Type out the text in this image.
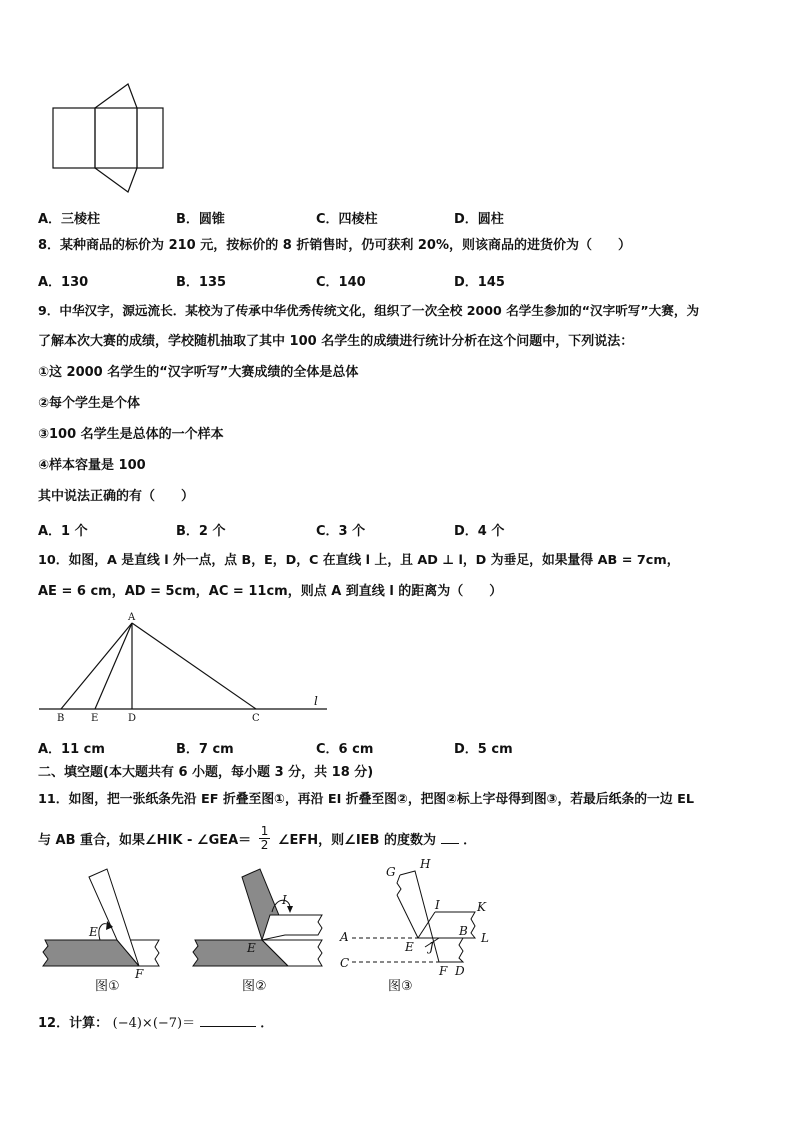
A．三棱柱	B．圆锥	C．四棱柱	D．圆柱
8．某种商品的标价为 210 元，按标价的 8 折销售时，仍可获利 20%，则该商品的进货价为（　　）
A．130	B．135	C．140	D．145
9．中华汉字，源远流长．某校为了传承中华优秀传统文化，组织了一次全校 2000 名学生参加的“汉字听写”大赛，为
了解本次大赛的成绩，学校随机抽取了其中 100 名学生的成绩进行统计分析在这个问题中，下列说法：
①这 2000 名学生的“汉字听写”大赛成绩的全体是总体
②每个学生是个体
③100 名学生是总体的一个样本
④样本容量是 100
其中说法正确的有（　　）
A．1 个	B．2 个	C．3 个	D．4 个
10．如图，A 是直线 l 外一点，点 B，E，D，C 在直线 l 上，且 AD ⊥ l，D 为垂足，如果量得 AB = 7cm，
AE = 6 cm，AD = 5cm，AC = 11cm，则点 A 到直线 l 的距离为（　　）
A
B	E	D	C
l
A．11 cm	B．7 cm	C．6 cm	D．5 cm
二、填空题(本大题共有 6 小题，每小题 3 分，共 18 分)
11．如图，把一张纸条先沿 EF 折叠至图①，再沿 EI 折叠至图②，把图②标上字母得到图③，若最后纸条的一边 EL
与 AB 重合，如果∠HIK - ∠GEA＝ $\frac{1}{2}$ ∠EFH，则∠IEB 的度数为 ．
E
F
图①
I
E
图②
G
H
I	K
A
E
B L
J
C
F D
图③
12．计算： (−4)×(−7)＝	．
